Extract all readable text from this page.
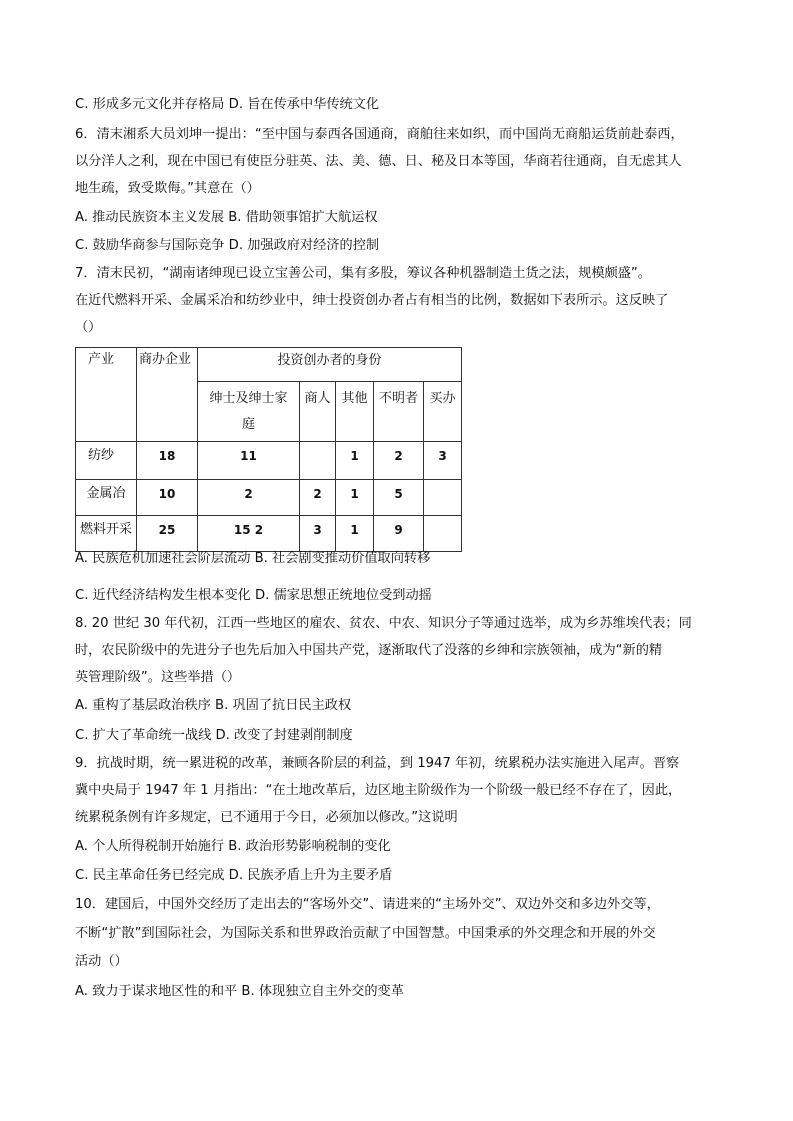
C. 形成多元文化并存格局 D. 旨在传承中华传统文化
6．清末湘系大员刘坤一提出：“至中国与泰西各国通商，商舶往来如织，而中国尚无商船运货前赴泰西，
以分洋人之利，现在中国已有使臣分驻英、法、美、德、日、秘及日本等国，华商若往通商，自无虑其人
地生疏，致受欺侮。”其意在（）
A. 推动民族资本主义发展 B. 借助领事馆扩大航运权
C. 鼓励华商参与国际竞争 D. 加强政府对经济的控制
7．清末民初，“湖南诸绅现已设立宝善公司，集有多股，筹议各种机器制造土货之法，规模颇盛”。
在近代燃料开采、金属采冶和纺纱业中，绅士投资创办者占有相当的比例，数据如下表所示。这反映了
（）
产业	商办企业	投资创办者的身份				

		绅士及绅士家
庭	商人	其他	不明者	买办
纺纱	18	11		1	2	3
金属冶	10	2	2	1	5	
燃料开采	25	15 2	3	1	9	
A. 民族危机加速社会阶层流动 B. 社会剧变推动价值取向转移
C. 近代经济结构发生根本变化 D. 儒家思想正统地位受到动摇
8. 20 世纪 30 年代初，江西一些地区的雇农、贫农、中农、知识分子等通过选举，成为乡苏维埃代表；同
时，农民阶级中的先进分子也先后加入中国共产党，逐渐取代了没落的乡绅和宗族领袖，成为“新的精
英管理阶级”。这些举措（）
A. 重构了基层政治秩序 B. 巩固了抗日民主政权
C. 扩大了革命统一战线 D. 改变了封建剥削制度
9．抗战时期，统一累进税的改革，兼顾各阶层的利益，到 1947 年初，统累税办法实施进入尾声。晋察
冀中央局于 1947 年 1 月指出：“在土地改革后，边区地主阶级作为一个阶级一般已经不存在了，因此，
统累税条例有许多规定，已不通用于今日，必须加以修改。”这说明
A. 个人所得税制开始施行 B. 政治形势影响税制的变化
C. 民主革命任务已经完成 D. 民族矛盾上升为主要矛盾
10．建国后，中国外交经历了走出去的“客场外交”、请进来的“主场外交”、双边外交和多边外交等，
不断“扩散”到国际社会，为国际关系和世界政治贡献了中国智慧。中国秉承的外交理念和开展的外交
活动（）
A. 致力于谋求地区性的和平 B. 体现独立自主外交的变革
